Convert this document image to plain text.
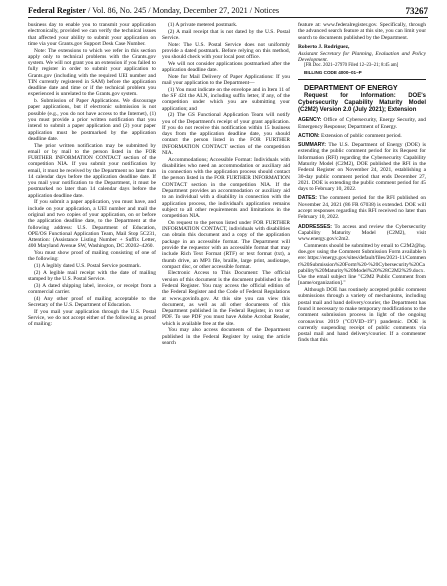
Federal Register / Vol. 86, No. 245 / Monday, December 27, 2021 / Notices	73267

business day to enable you to transmit your application electronically, provided we can verify the technical issues that affected your ability to submit your application on time via your Grants.gov Support Desk Case Number.

Note: The extensions to which we refer in this section apply only to technical problems with the Grants.gov system. We will not grant you an extension if you failed to fully register in order to submit your application to Grants.gov (including with the required UEI number and TIN currently registered in SAM) before the application deadline date and time or if the technical problem you experienced is unrelated to the Grants.gov system.

b. Submission of Paper Applications. We discourage paper applications, but if electronic submission is not possible (e.g., you do not have access to the Internet), (1) you must provide a prior written notification that you intend to submit a paper application and (2) your paper application must be postmarked by the application deadline date.

The prior written notification may be submitted by email or by mail to the person listed in the FOR FURTHER INFORMATION CONTACT section of the competition NIA. If you submit your notification by email, it must be received by the Department no later than 14 calendar days before the application deadline date. If you mail your notification to the Department, it must be postmarked no later than 14 calendar days before the application deadline date.

If you submit a paper application, you must have, and include on your application, a UEI number and mail the original and two copies of your application, on or before the application deadline date, to the Department at the following address: U.S. Department of Education, OPE/OS Functional Application Team, Mail Stop 5C231, Attention: (Assistance Listing Number + Suffix Letter, 400 Maryland Avenue SW, Washington, DC 20202–4260.

You must show proof of mailing consisting of one of the following:

(1) A legibly dated U.S. Postal Service postmark.

(2) A legible mail receipt with the date of mailing stamped by the U.S. Postal Service.

(3) A dated shipping label, invoice, or receipt from a commercial carrier.

(4) Any other proof of mailing acceptable to the Secretary of the U.S. Department of Education.

If you mail your application through the U.S. Postal Service, we do not accept either of the following as proof of mailing:

(1) A private metered postmark.

(2) A mail receipt that is not dated by the U.S. Postal Service.

Note: The U.S. Postal Service does not uniformly provide a dated postmark. Before relying on this method, you should check with your local post office.

We will not consider applications postmarked after the application deadline date.

Note for Mail Delivery of Paper Applications: If you mail your application to the Department—

(1) You must indicate on the envelope and in Item 11 of the SF 424 the ALN, including suffix letter, if any, of the competition under which you are submitting your application; and

(2) The GS Functional Application Team will notify you of the Department's receipt of your grant application. If you do not receive this notification within 15 business days from the application deadline date, you should contact the person listed in the FOR FURTHER INFORMATION CONTACT section of the competition NIA.

Accommodations; Accessible Format: Individuals with disabilities who need an accommodation or auxiliary aid in connection with the application process should contact the person listed in the FOR FURTHER INFORMATION CONTACT section in the competition NIA. If the Department provides an accommodation or auxiliary aid to an individual with a disability in connection with the application process, the individual's application remains subject to all other requirements and limitations in the competition NIA.

On request to the person listed under FOR FURTHER INFORMATION CONTACT, individuals with disabilities can obtain this document and a copy of the application package in an accessible format. The Department will provide the requestor with an accessible format that may include Rich Text Format (RTF) or text format (txt), a thumb drive, an MP3 file, braille, large print, audiotape, compact disc, or other accessible format.

Electronic Access to This Document: The official version of this document is the document published in the Federal Register. You may access the official edition of the Federal Register and the Code of Federal Regulations at www.govinfo.gov. At this site you can view this document, as well as all other documents of this Department published in the Federal Register, in text or PDF. To use PDF you must have Adobe Acrobat Reader, which is available free at the site.

You may also access documents of the Department published in the Federal Register by using the article search

feature at: www.federalregister.gov. Specifically, through the advanced search feature at this site, you can limit your search to documents published by the Department.

Roberto J. Rodriguez,

Assistant Secretary for Planning, Evaluation and Policy Development.

[FR Doc. 2021–27970 Filed 12–23–21; 8:45 am]

BILLING CODE 4000–01–P

DEPARTMENT OF ENERGY

Request for Information: DOE's Cybersecurity Capability Maturity Model (C2M2) Version 2.0 (July 2021); Extension

AGENCY: Office of Cybersecurity, Energy Security, and Emergency Response; Department of Energy.

ACTION: Extension of public comment period.

SUMMARY: The U.S. Department of Energy (DOE) is extending the public comment period for its Request for Information (RFI) regarding the Cybersecurity Capability Maturity Model (C2M2), DOE published the RFI in the Federal Register on November 24, 2021, establishing a 30-day public comment period that ends December 27, 2021. DOE is extending the public comment period for 45 days to February 10, 2022.

DATES: The comment period for the RFI published on November 24, 2021 (86 FR 67038) is extended. DOE will accept responses regarding this RFI received no later than February 10, 2022.

ADDRESSES: To access and review the Cybersecurity Capability Maturity Model (C2M2), visit www.energy.gov/c2m2.

Comments should be submitted by email to C2M2@hq.doe.gov using the Comment Submission Form available here: https://energy.gov/sites/default/files/2021-11/Comment%20Submission%20Form%20-%20Cybersecurity%20Capability%20Maturity%20Model%20%28C2M2%29.docx. Use the email subject line "C2M2 Public Comment from [name/organization]."

Although DOE has routinely accepted public comment submissions through a variety of mechanisms, including postal mail and hand delivery/courier, the Department has found it necessary to make temporary modifications to the comment submission process in light of the ongoing coronavirus 2019 ("COVID–19") pandemic. DOE is currently suspending receipt of public comments via postal mail and hand delivery/courier. If a commenter finds that this
